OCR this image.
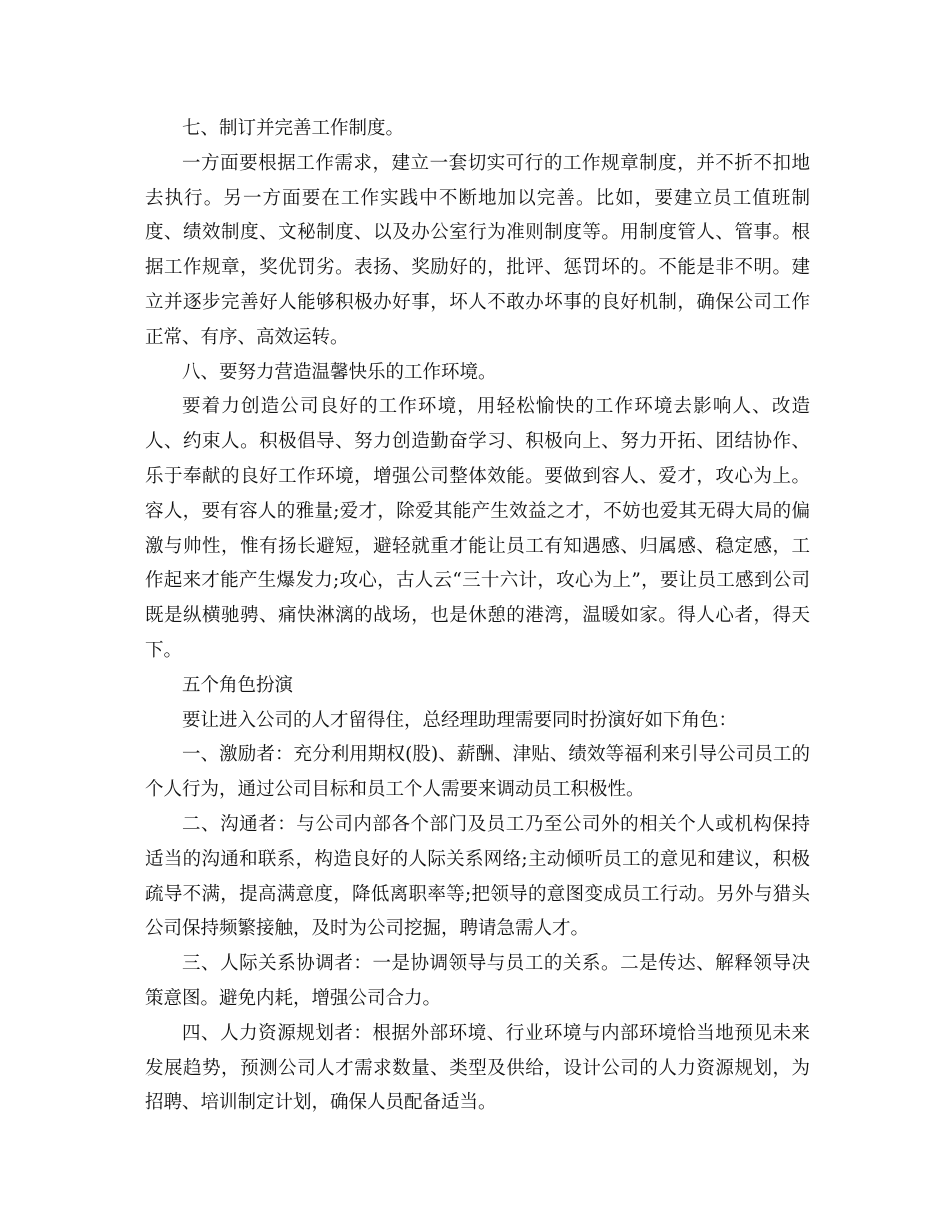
七、制订并完善工作制度。

一方面要根据工作需求，建立一套切实可行的工作规章制度，并不折不扣地去执行。另一方面要在工作实践中不断地加以完善。比如，要建立员工值班制度、绩效制度、文秘制度、以及办公室行为准则制度等。用制度管人、管事。根据工作规章，奖优罚劣。表扬、奖励好的，批评、惩罚坏的。不能是非不明。建立并逐步完善好人能够积极办好事，坏人不敢办坏事的良好机制，确保公司工作正常、有序、高效运转。

八、要努力营造温馨快乐的工作环境。

要着力创造公司良好的工作环境，用轻松愉快的工作环境去影响人、改造人、约束人。积极倡导、努力创造勤奋学习、积极向上、努力开拓、团结协作、乐于奉献的良好工作环境，增强公司整体效能。要做到容人、爱才，攻心为上。容人，要有容人的雅量;爱才，除爱其能产生效益之才，不妨也爱其无碍大局的偏激与帅性，惟有扬长避短，避轻就重才能让员工有知遇感、归属感、稳定感，工作起来才能产生爆发力;攻心，古人云“三十六计，攻心为上”，要让员工感到公司既是纵横驰骋、痛快淋漓的战场，也是休憩的港湾，温暖如家。得人心者，得天下。

五个角色扮演

要让进入公司的人才留得住，总经理助理需要同时扮演好如下角色：

一、激励者：充分利用期权(股)、薪酬、津贴、绩效等福利来引导公司员工的个人行为，通过公司目标和员工个人需要来调动员工积极性。

二、沟通者：与公司内部各个部门及员工乃至公司外的相关个人或机构保持适当的沟通和联系，构造良好的人际关系网络;主动倾听员工的意见和建议，积极疏导不满，提高满意度，降低离职率等;把领导的意图变成员工行动。另外与猎头公司保持频繁接触，及时为公司挖掘，聘请急需人才。

三、人际关系协调者：一是协调领导与员工的关系。二是传达、解释领导决策意图。避免内耗，增强公司合力。

四、人力资源规划者：根据外部环境、行业环境与内部环境恰当地预见未来发展趋势，预测公司人才需求数量、类型及供给，设计公司的人力资源规划，为招聘、培训制定计划，确保人员配备适当。
